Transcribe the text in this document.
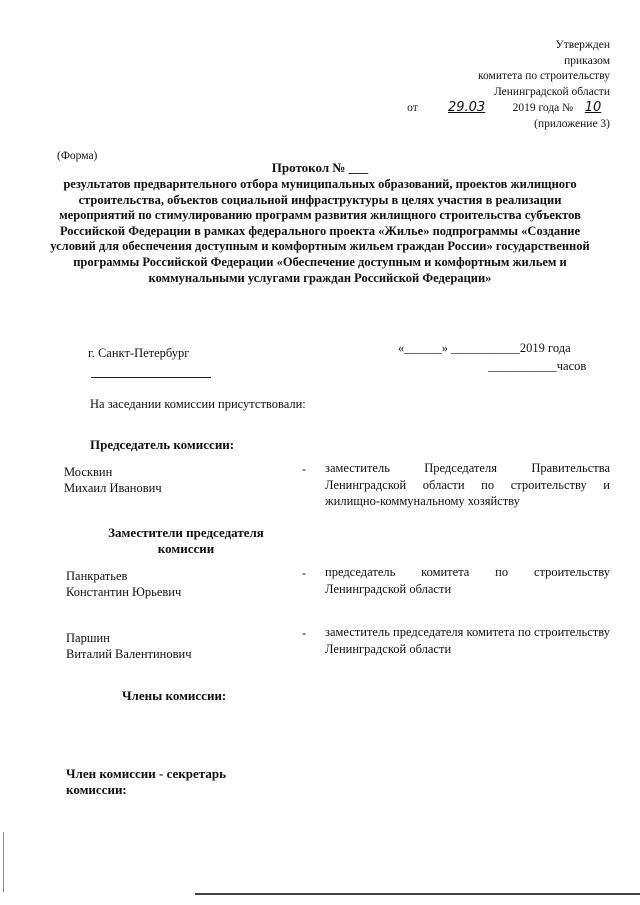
Утвержден
приказом
комитета по строительству
Ленинградской области
от 29.03 2019 года № 10
(приложение 3)
(Форма)
Протокол № ___
результатов предварительного отбора муниципальных образований, проектов жилищного строительства, объектов социальной инфраструктуры в целях участия в реализации мероприятий по стимулированию программ развития жилищного строительства субъектов Российской Федерации в рамках федерального проекта «Жилье» подпрограммы «Создание условий для обеспечения доступным и комфортным жильем граждан России» государственной программы Российской Федерации «Обеспечение доступным и комфортным жильем и коммунальными услугами граждан Российской Федерации»
г. Санкт-Петербург	«______» ___________2019 года
___________часов
На заседании комиссии присутствовали:
Председатель комиссии:
Москвин
Михаил Иванович
- заместитель Председателя Правительства Ленинградской области по строительству и жилищно-коммунальному хозяйству
Заместители председателя
комиссии
Панкратьев
Константин Юрьевич
- председатель комитета по строительству Ленинградской области
Паршин
Виталий Валентинович
- заместитель председателя комитета по строительству Ленинградской области
Члены комиссии:
Член комиссии - секретарь
комиссии:
